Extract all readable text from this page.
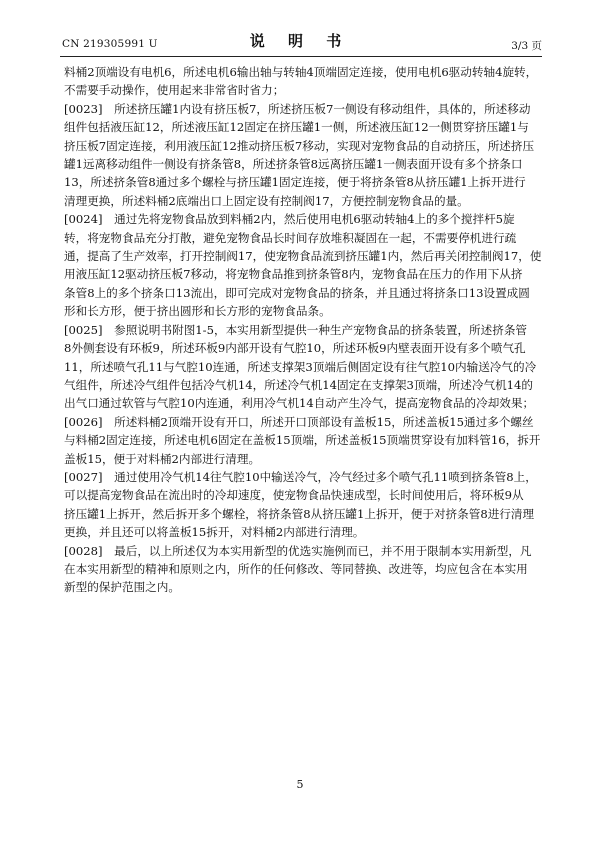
CN 219305991 U	说 明 书	3/3 页
料桶2顶端设有电机6，所述电机6输出轴与转轴4顶端固定连接，使用电机6驱动转轴4旋转，
不需要手动操作，使用起来非常省时省力；
[0023]　所述挤压罐1内设有挤压板7，所述挤压板7一侧设有移动组件，具体的，所述移动
组件包括液压缸12，所述液压缸12固定在挤压罐1一侧，所述液压缸12一侧贯穿挤压罐1与
挤压板7固定连接，利用液压缸12推动挤压板7移动，实现对宠物食品的自动挤压，所述挤压
罐1远离移动组件一侧设有挤条管8，所述挤条管8远离挤压罐1一侧表面开设有多个挤条口
13，所述挤条管8通过多个螺栓与挤压罐1固定连接，便于将挤条管8从挤压罐1上拆开进行
清理更换，所述料桶2底端出口上固定设有控制阀17，方便控制宠物食品的量。
[0024]　通过先将宠物食品放到料桶2内，然后使用电机6驱动转轴4上的多个搅拌杆5旋
转，将宠物食品充分打散，避免宠物食品长时间存放堆积凝固在一起，不需要停机进行疏
通，提高了生产效率，打开控制阀17，使宠物食品流到挤压罐1内，然后再关闭控制阀17，使
用液压缸12驱动挤压板7移动，将宠物食品推到挤条管8内，宠物食品在压力的作用下从挤
条管8上的多个挤条口13流出，即可完成对宠物食品的挤条，并且通过将挤条口13设置成圆
形和长方形，便于挤出圆形和长方形的宠物食品条。
[0025]　参照说明书附图1-5，本实用新型提供一种生产宠物食品的挤条装置，所述挤条管
8外侧套设有环板9，所述环板9内部开设有气腔10，所述环板9内壁表面开设有多个喷气孔
11，所述喷气孔11与气腔10连通，所述支撑架3顶端后侧固定设有往气腔10内输送冷气的冷
气组件，所述冷气组件包括冷气机14，所述冷气机14固定在支撑架3顶端，所述冷气机14的
出气口通过软管与气腔10内连通，利用冷气机14自动产生冷气，提高宠物食品的冷却效果；
[0026]　所述料桶2顶端开设有开口，所述开口顶部设有盖板15，所述盖板15通过多个螺丝
与料桶2固定连接，所述电机6固定在盖板15顶端，所述盖板15顶端贯穿设有加料管16，拆开
盖板15，便于对料桶2内部进行清理。
[0027]　通过使用冷气机14往气腔10中输送冷气，冷气经过多个喷气孔11喷到挤条管8上，
可以提高宠物食品在流出时的冷却速度，使宠物食品快速成型，长时间使用后，将环板9从
挤压罐1上拆开，然后拆开多个螺栓，将挤条管8从挤压罐1上拆开，便于对挤条管8进行清理
更换，并且还可以将盖板15拆开，对料桶2内部进行清理。
[0028]　最后，以上所述仅为本实用新型的优选实施例而已，并不用于限制本实用新型，凡
在本实用新型的精神和原则之内，所作的任何修改、等同替换、改进等，均应包含在本实用
新型的保护范围之内。
5
